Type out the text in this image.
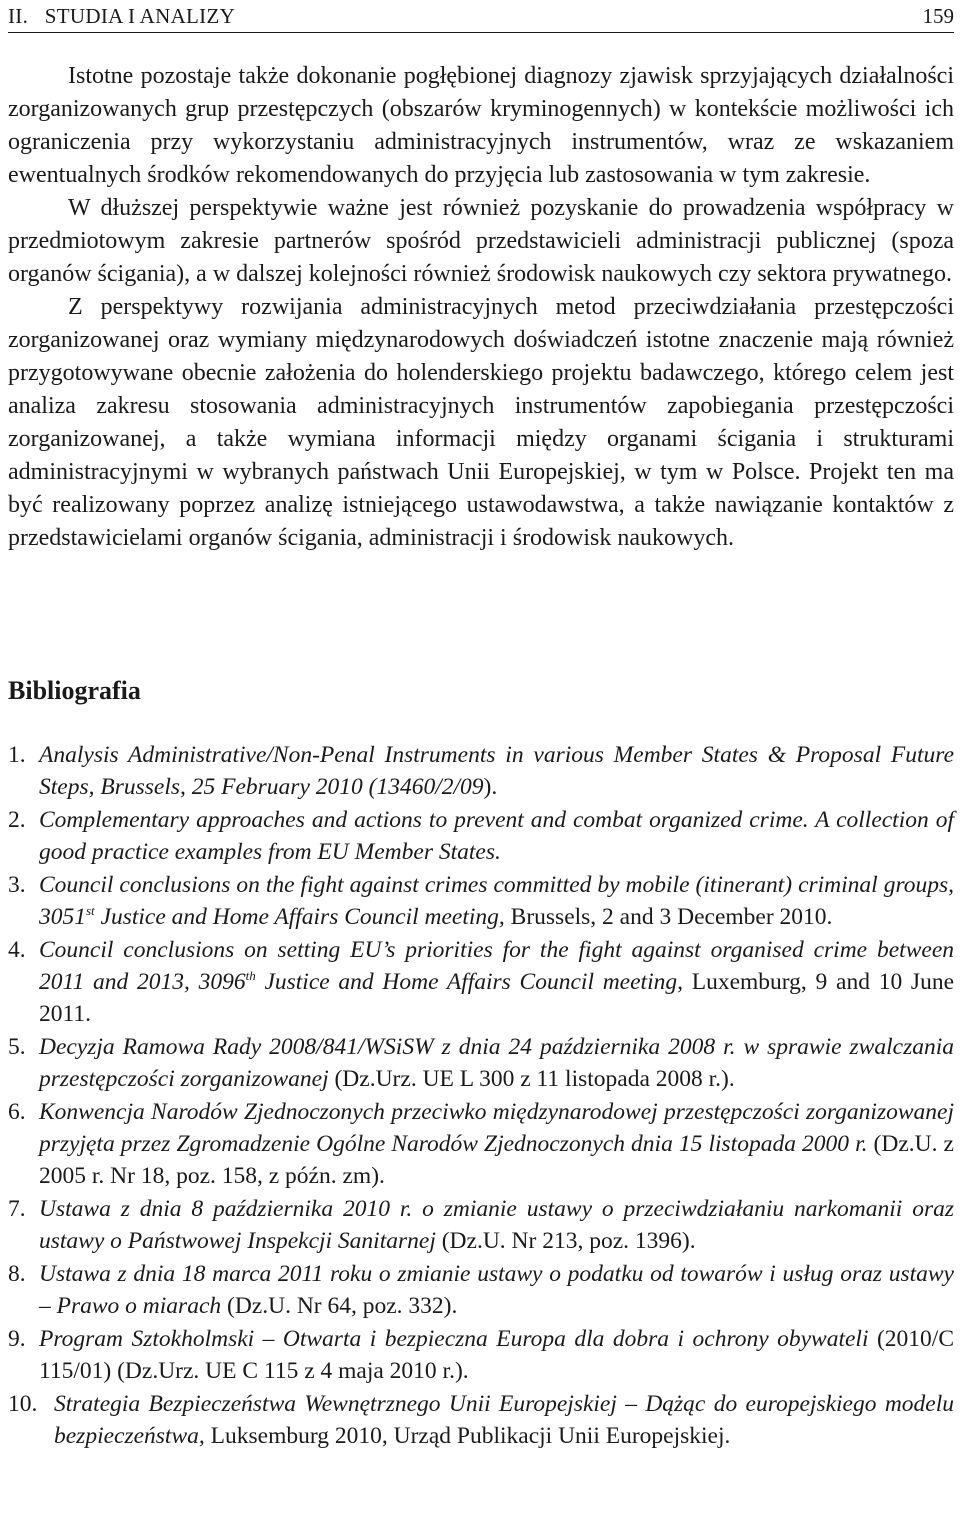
II.   STUDIA I ANALIZY	159

Istotne pozostaje także dokonanie pogłębionej diagnozy zjawisk sprzyjających działalności zorganizowanych grup przestępczych (obszarów kryminogennych) w kontekście możliwości ich ograniczenia przy wykorzystaniu administracyjnych instrumentów, wraz ze wskazaniem ewentualnych środków rekomendowanych do przyjęcia lub zastosowania w tym zakresie.

W dłuższej perspektywie ważne jest również pozyskanie do prowadzenia współpracy w przedmiotowym zakresie partnerów spośród przedstawicieli administracji publicznej (spoza organów ścigania), a w dalszej kolejności również środowisk naukowych czy sektora prywatnego.

Z perspektywy rozwijania administracyjnych metod przeciwdziałania przestępczości zorganizowanej oraz wymiany międzynarodowych doświadczeń istotne znaczenie mają również przygotowywane obecnie założenia do holenderskiego projektu badawczego, którego celem jest analiza zakresu stosowania administracyjnych instrumentów zapobiegania przestępczości zorganizowanej, a także wymiana informacji między organami ścigania i strukturami administracyjnymi w wybranych państwach Unii Europejskiej, w tym w Polsce. Projekt ten ma być realizowany poprzez analizę istniejącego ustawodawstwa, a także nawiązanie kontaktów z przedstawicielami organów ścigania, administracji i środowisk naukowych.

Bibliografia
1. Analysis Administrative/Non-Penal Instruments in various Member States & Proposal Future Steps, Brussels, 25 February 2010 (13460/2/09).
2. Complementary approaches and actions to prevent and combat organized crime. A collection of good practice examples from EU Member States.
3. Council conclusions on the fight against crimes committed by mobile (itinerant) criminal groups, 3051st Justice and Home Affairs Council meeting, Brussels, 2 and 3 December 2010.
4. Council conclusions on setting EU’s priorities for the fight against organised crime between 2011 and 2013, 3096th Justice and Home Affairs Council meeting, Luxemburg, 9 and 10 June 2011.
5. Decyzja Ramowa Rady 2008/841/WSiSW z dnia 24 października 2008 r. w sprawie zwalczania przestępczości zorganizowanej (Dz.Urz. UE L 300 z 11 listopada 2008 r.).
6. Konwencja Narodów Zjednoczonych przeciwko międzynarodowej przestępczości zorganizowanej przyjęta przez Zgromadzenie Ogólne Narodów Zjednoczonych dnia 15 listopada 2000 r. (Dz.U. z 2005 r. Nr 18, poz. 158, z późn. zm).
7. Ustawa z dnia 8 października 2010 r. o zmianie ustawy o przeciwdziałaniu narkomanii oraz ustawy o Państwowej Inspekcji Sanitarnej (Dz.U. Nr 213, poz. 1396).
8. Ustawa z dnia 18 marca 2011 roku o zmianie ustawy o podatku od towarów i usług oraz ustawy – Prawo o miarach (Dz.U. Nr 64, poz. 332).
9. Program Sztokholmski – Otwarta i bezpieczna Europa dla dobra i ochrony obywateli (2010/C 115/01) (Dz.Urz. UE C 115 z 4 maja 2010 r.).
10. Strategia Bezpieczeństwa Wewnętrznego Unii Europejskiej – Dążąc do europejskiego modelu bezpieczeństwa, Luksemburg 2010, Urząd Publikacji Unii Europejskiej.
